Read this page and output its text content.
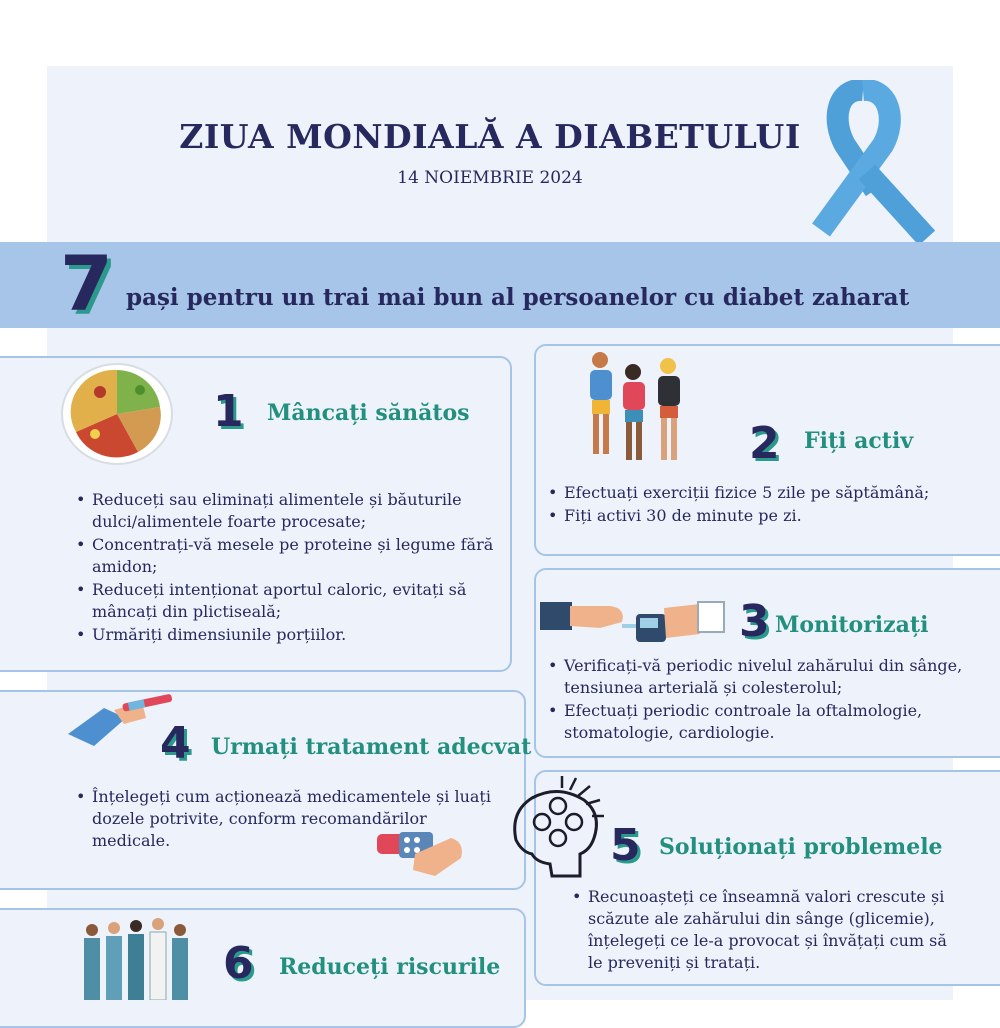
ZIUA MONDIALĂ A DIABETULUI
14 NOIEMBRIE 2024
7 pași pentru un trai mai bun al persoanelor cu diabet zaharat
1 Mâncați sănătos
• Reduceți sau eliminați alimentele și băuturile dulci/alimentele foarte procesate;
• Concentrați-vă mesele pe proteine și legume fără amidon;
• Reduceți intenționat aportul caloric, evitați să mâncați din plictiseală;
• Urmăriți dimensiunile porțiilor.
2 Fiți activ
• Efectuați exerciții fizice 5 zile pe săptămână;
• Fiți activi 30 de minute pe zi.
3 Monitorizați
• Verificați-vă periodic nivelul zahărului din sânge, tensiunea arterială și colesterolul;
• Efectuați periodic controale la oftalmologie, stomatologie, cardiologie.
4 Urmați tratament adecvat
• Înțelegeți cum acționează medicamentele și luați dozele potrivite, conform recomandărilor medicale.	5 Soluționați problemele
• Recunoașteți ce înseamnă valori crescute și scăzute ale zahărului din sânge (glicemie), înțelegeți ce le-a provocat și învățați cum să le preveniți și tratați.
6 Reduceți riscurile
